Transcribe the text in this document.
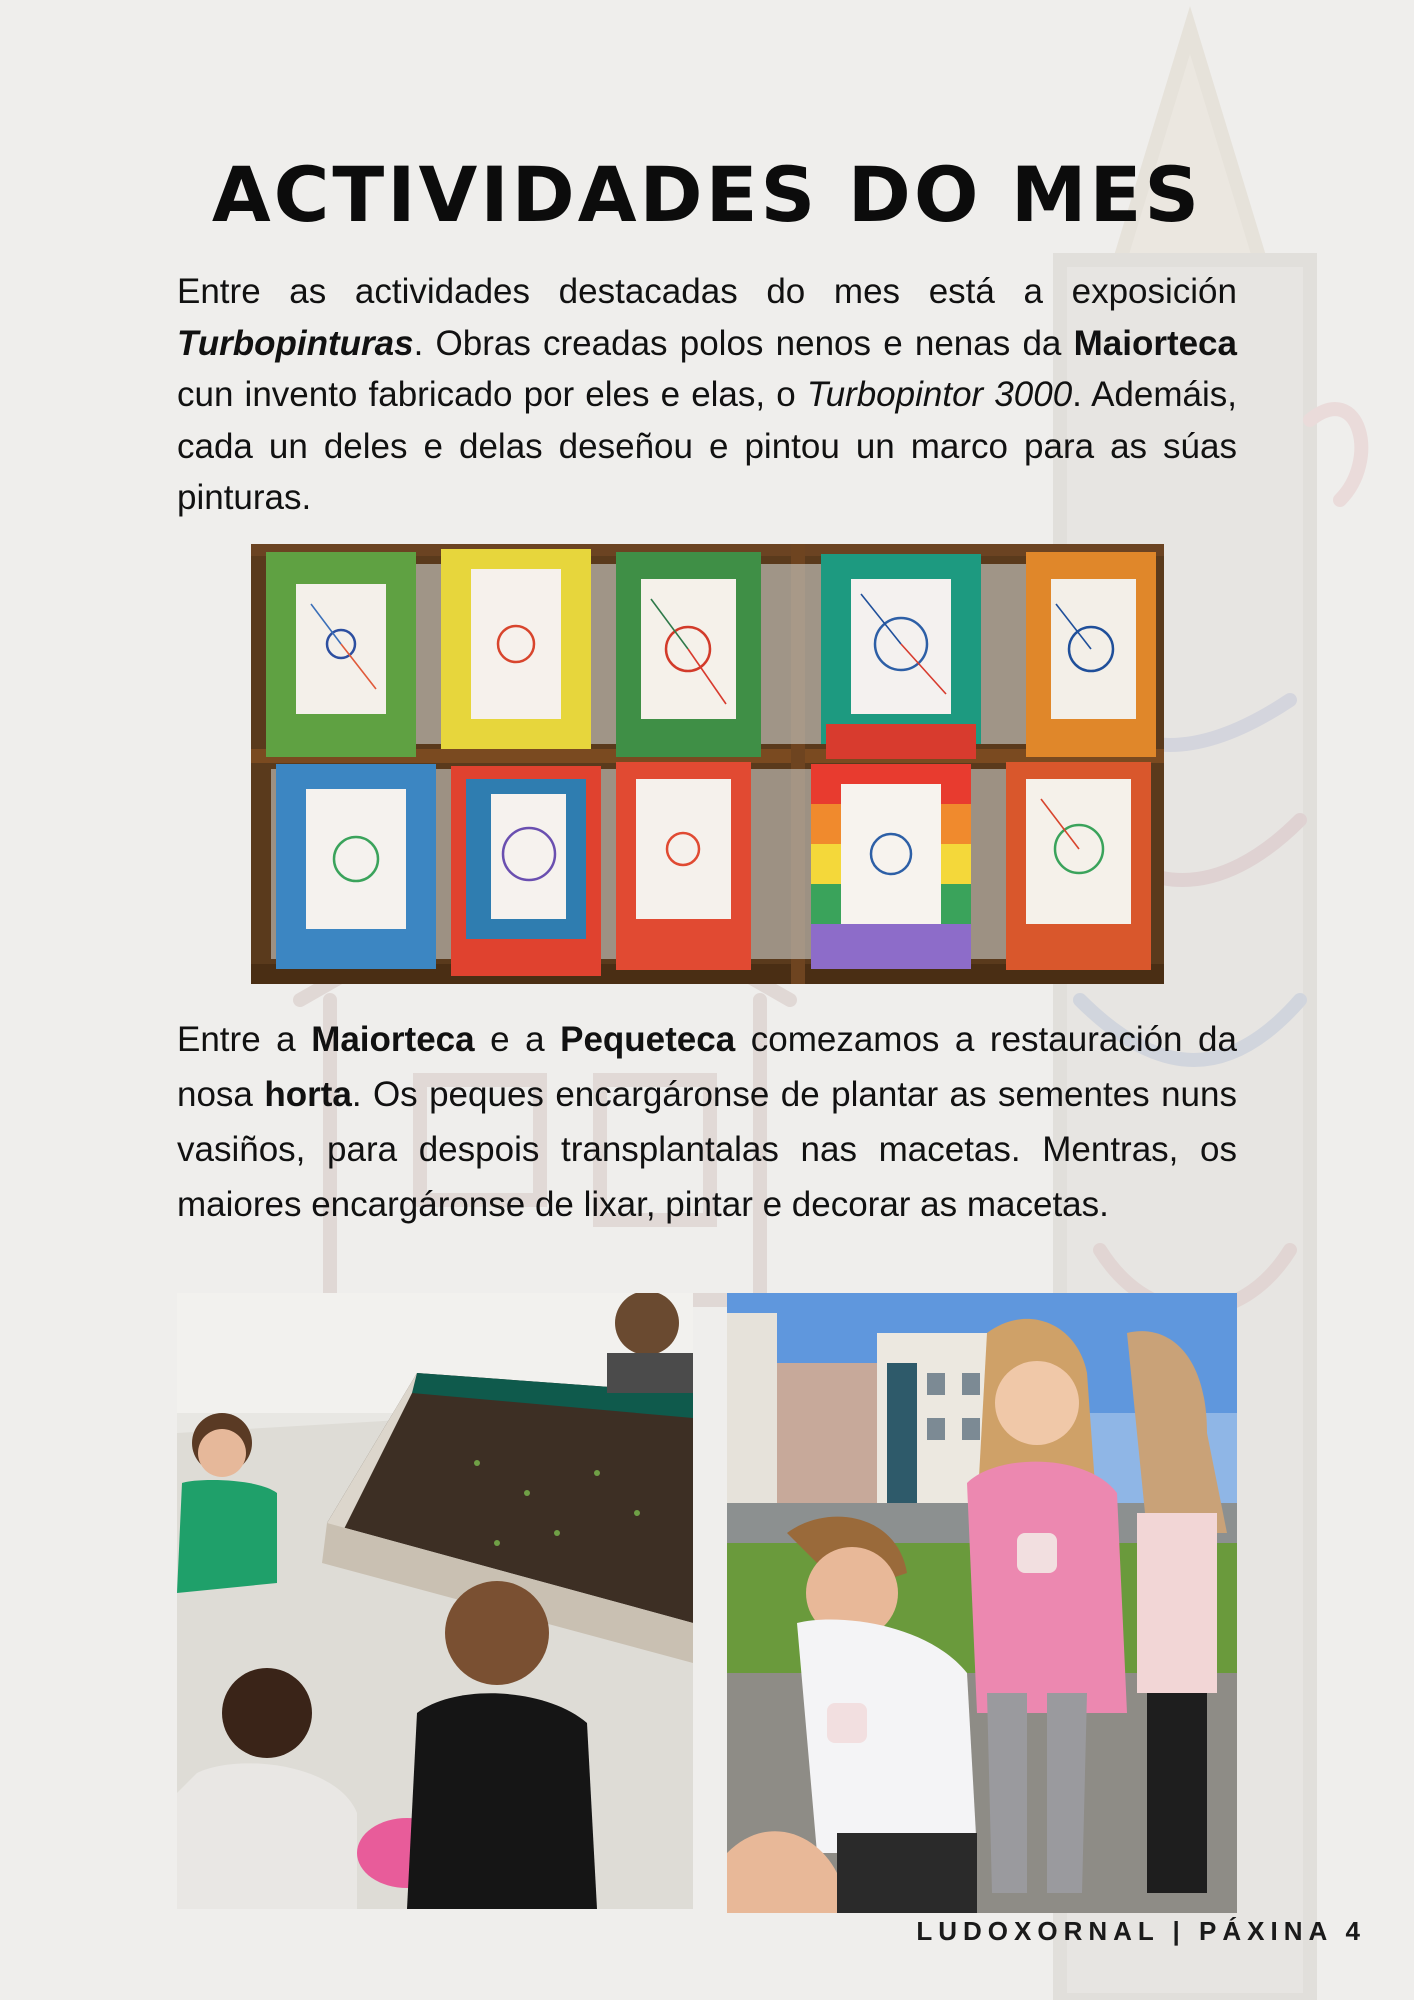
ACTIVIDADES DO MES
Entre as actividades destacadas do mes está a exposición Turbopinturas. Obras creadas polos nenos e nenas da Maiorteca cun invento fabricado por eles e elas, o Turbopintor 3000. Ademáis, cada un deles e delas deseñou e pintou un marco para as súas pinturas.
Entre a Maiorteca e a Pequeteca comezamos a restauración da nosa horta. Os peques encargáronse de plantar as sementes nuns vasiños, para despois transplantalas nas macetas. Mentras, os maiores encargáronse de lixar, pintar e decorar as macetas.
LUDOXORNAL | PÁXINA 4
